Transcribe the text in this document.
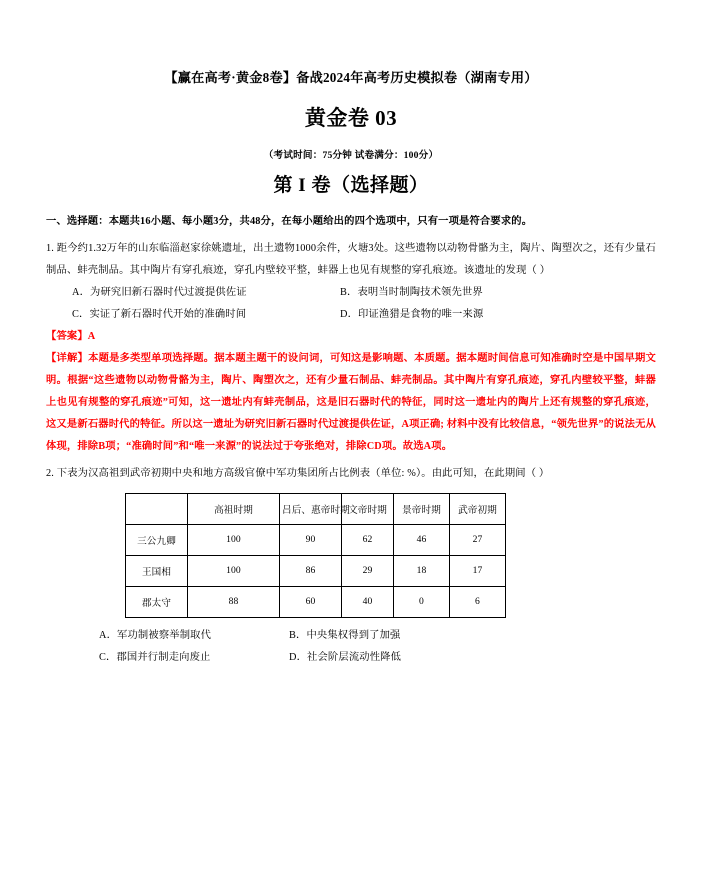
【赢在高考·黄金8卷】备战2024年高考历史模拟卷（湖南专用）
黄金卷 03
（考试时间：75分钟 试卷满分：100分）
第 I 卷（选择题）
一、选择题：本题共16小题、每小题3分，共48分，在每小题给出的四个选项中，只有一项是符合要求的。
1. 距今约1.32万年的山东临淄赵家徐姚遗址，出土遗物1000余件，火塘3处。这些遗物以动物骨骼为主，陶片、陶塑次之，还有少量石制品、蚌壳制品。其中陶片有穿孔痕迹，穿孔内壁较平整，蚌器上也见有规整的穿孔痕迹。该遗址的发现（ ）
A．为研究旧新石器时代过渡提供佐证	B．表明当时制陶技术领先世界
C．实证了新石器时代开始的准确时间	D．印证渔猎是食物的唯一来源
【答案】A
【详解】本题是多类型单项选择题。据本题主题干的设问词，可知这是影响题、本质题。据本题时间信息可知准确时空是中国早期文明。根据“这些遗物以动物骨骼为主，陶片、陶塑次之，还有少量石制品、蚌壳制品。其中陶片有穿孔痕迹，穿孔内壁较平整，蚌器上也见有规整的穿孔痕迹”可知，这一遗址内有蚌壳制品，这是旧石器时代的特征，同时这一遗址内的陶片上还有规整的穿孔痕迹，这又是新石器时代的特征。所以这一遗址为研究旧新石器时代过渡提供佐证，A项正确; 材料中没有比较信息，“领先世界”的说法无从体现，排除B项；“准确时间”和“唯一来源”的说法过于夸张绝对，排除CD项。故选A项。
2. 下表为汉高祖到武帝初期中央和地方高级官僚中军功集团所占比例表（单位: %）。由此可知，在此期间（ ）
	高祖时期	吕后、惠帝时期	文帝时期	景帝时期	武帝初期
三公九卿	100	90	62	46	27
王国相	100	86	29	18	17
郡太守	88	60	40	0	6
A．军功制被察举制取代	B．中央集权得到了加强
C．郡国并行制走向废止	D．社会阶层流动性降低
